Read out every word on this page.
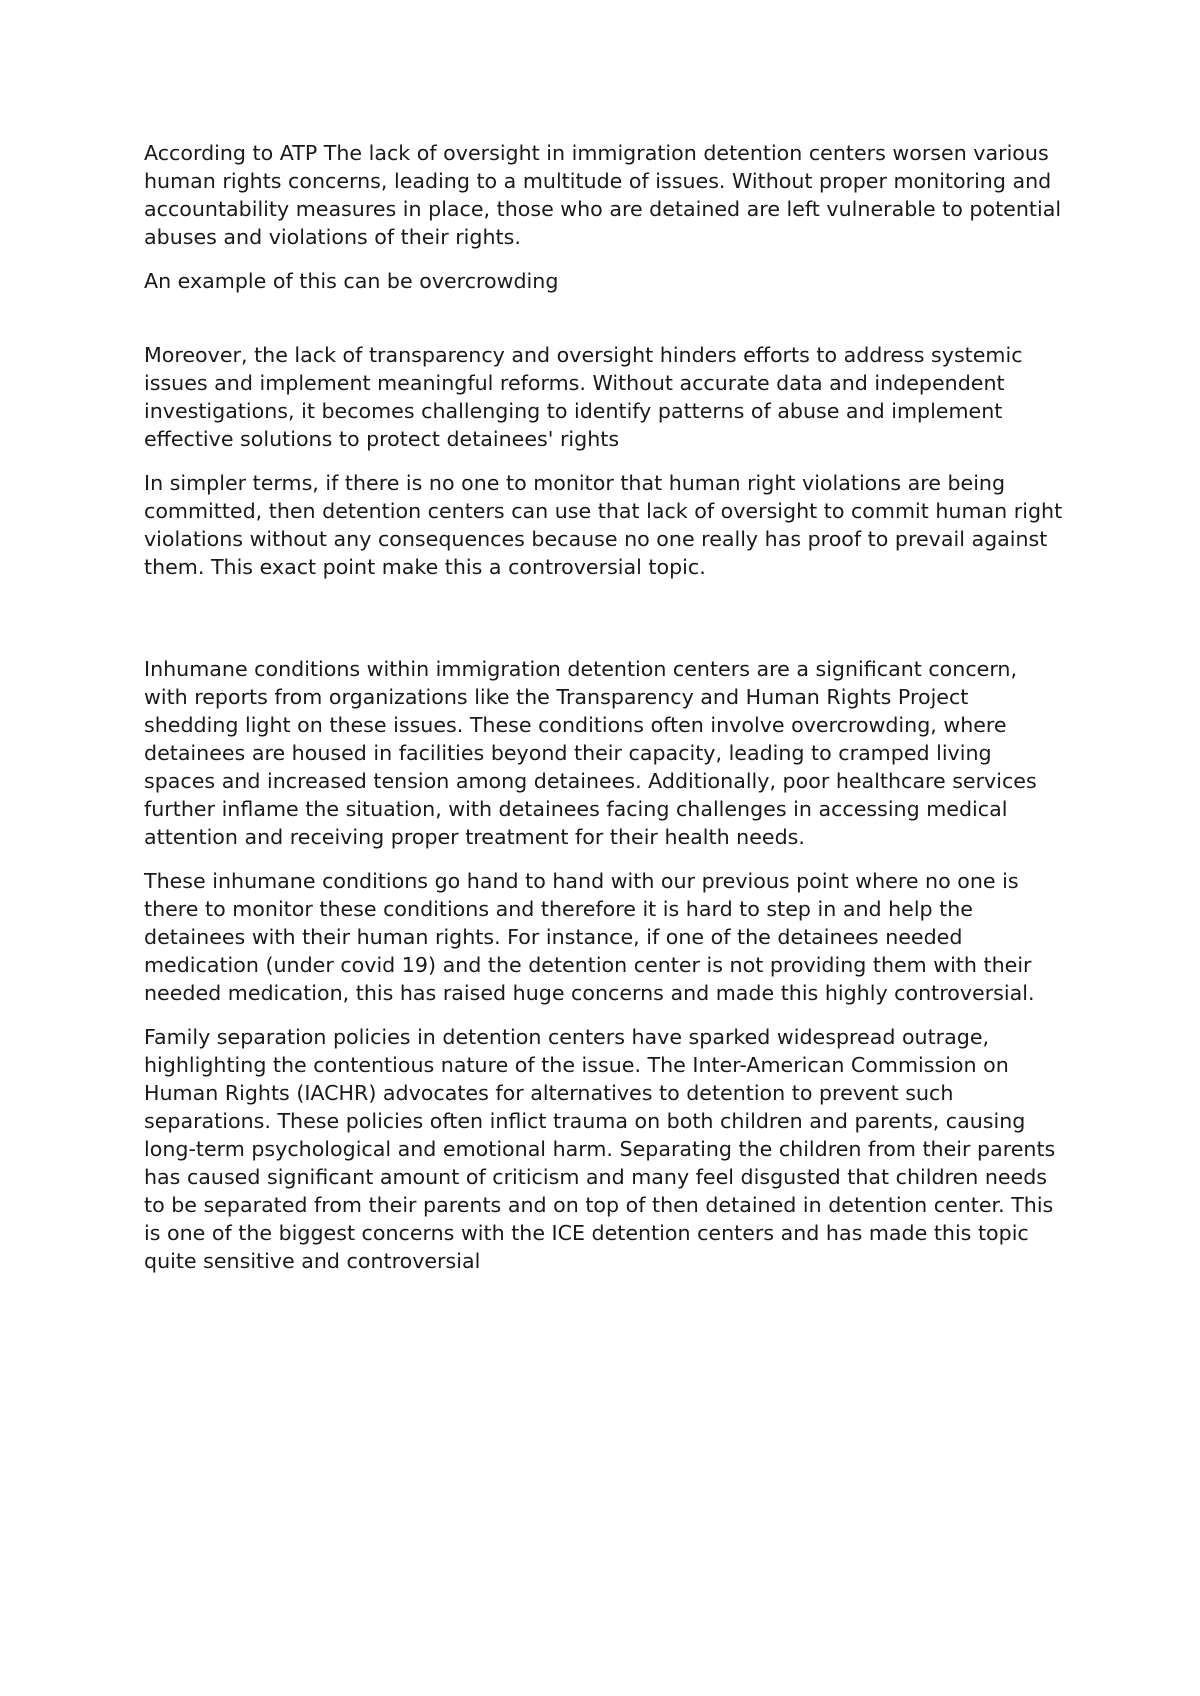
According to ATP The lack of oversight in immigration detention centers worsen various human rights concerns, leading to a multitude of issues. Without proper monitoring and accountability measures in place, those who are detained are left vulnerable to potential abuses and violations of their rights.

An example of this can be overcrowding

Moreover, the lack of transparency and oversight hinders efforts to address systemic issues and implement meaningful reforms. Without accurate data and independent investigations, it becomes challenging to identify patterns of abuse and implement effective solutions to protect detainees' rights

In simpler terms, if there is no one to monitor that human right violations are being committed, then detention centers can use that lack of oversight to commit human right violations without any consequences because no one really has proof to prevail against them. This exact point make this a controversial topic.

Inhumane conditions within immigration detention centers are a significant concern, with reports from organizations like the Transparency and Human Rights Project shedding light on these issues. These conditions often involve overcrowding, where detainees are housed in facilities beyond their capacity, leading to cramped living spaces and increased tension among detainees. Additionally, poor healthcare services further inflame the situation, with detainees facing challenges in accessing medical attention and receiving proper treatment for their health needs.

These inhumane conditions go hand to hand with our previous point where no one is there to monitor these conditions and therefore it is hard to step in and help the detainees with their human rights. For instance, if one of the detainees needed medication (under covid 19) and the detention center is not providing them with their needed medication, this has raised huge concerns and made this highly controversial.

Family separation policies in detention centers have sparked widespread outrage, highlighting the contentious nature of the issue. The Inter-American Commission on Human Rights (IACHR) advocates for alternatives to detention to prevent such separations. These policies often inflict trauma on both children and parents, causing long-term psychological and emotional harm. Separating the children from their parents has caused significant amount of criticism and many feel disgusted that children needs to be separated from their parents and on top of then detained in detention center. This is one of the biggest concerns with the ICE detention centers and has made this topic quite sensitive and controversial
